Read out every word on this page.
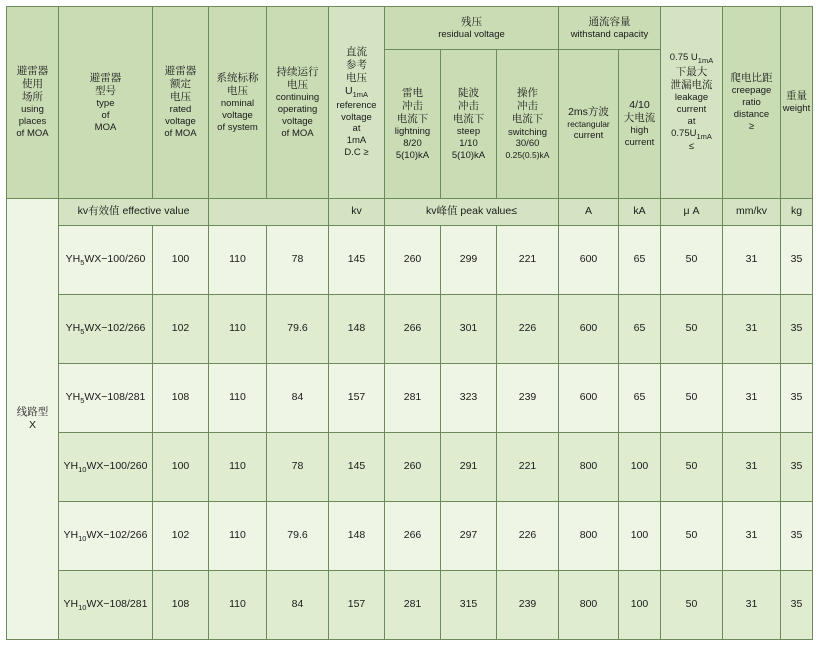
避雷器
使用
场所
using
places
of MOA

避雷器
型号
type
of
MOA

避雷器
额定
电压
rated
voltage
of MOA

系统标称
电压
nominal
voltage
of system

持续运行
电压
continuing
operating
voltage
of MOA

直流
参考
电压
$U_{1mA}$
reference
voltage
at
1mA
D.C ≥

残压
residual voltage

通流容量
withstand capacity

0.75 $U_{1mA}$
下最大
泄漏电流
leakage
current
at
$0.75U_{1mA}$
≤

爬电比距
creepage
ratio
distance
≥

重量
weight

雷电
冲击
电流下
lightning
8/20
5(10)kA

陡波
冲击
电流下
steep
1/10
5(10)kA

操作
冲击
电流下
switching
30/60
0.25(0.5)kA

2ms方波
rectangular
current

4/10
大电流
high
current

线路型
X	kv有效值 effective value				kv	kv峰值 peak value≤			A	kA	μ A	mm/kv	kg
	$YH_5WX-100/260$	100	110	78	145	260	299	221	600	65	50	31	35
	$YH_5WX-102/266$	102	110	79.6	148	266	301	226	600	65	50	31	35
	$YH_5WX-108/281$	108	110	84	157	281	323	239	600	65	50	31	35
	$YH_{10}WX-100/260$	100	110	78	145	260	291	221	800	100	50	31	35
	$YH_{10}WX-102/266$	102	110	79.6	148	266	297	226	800	100	50	31	35
	$YH_{10}WX-108/281$	108	110	84	157	281	315	239	800	100	50	31	35
